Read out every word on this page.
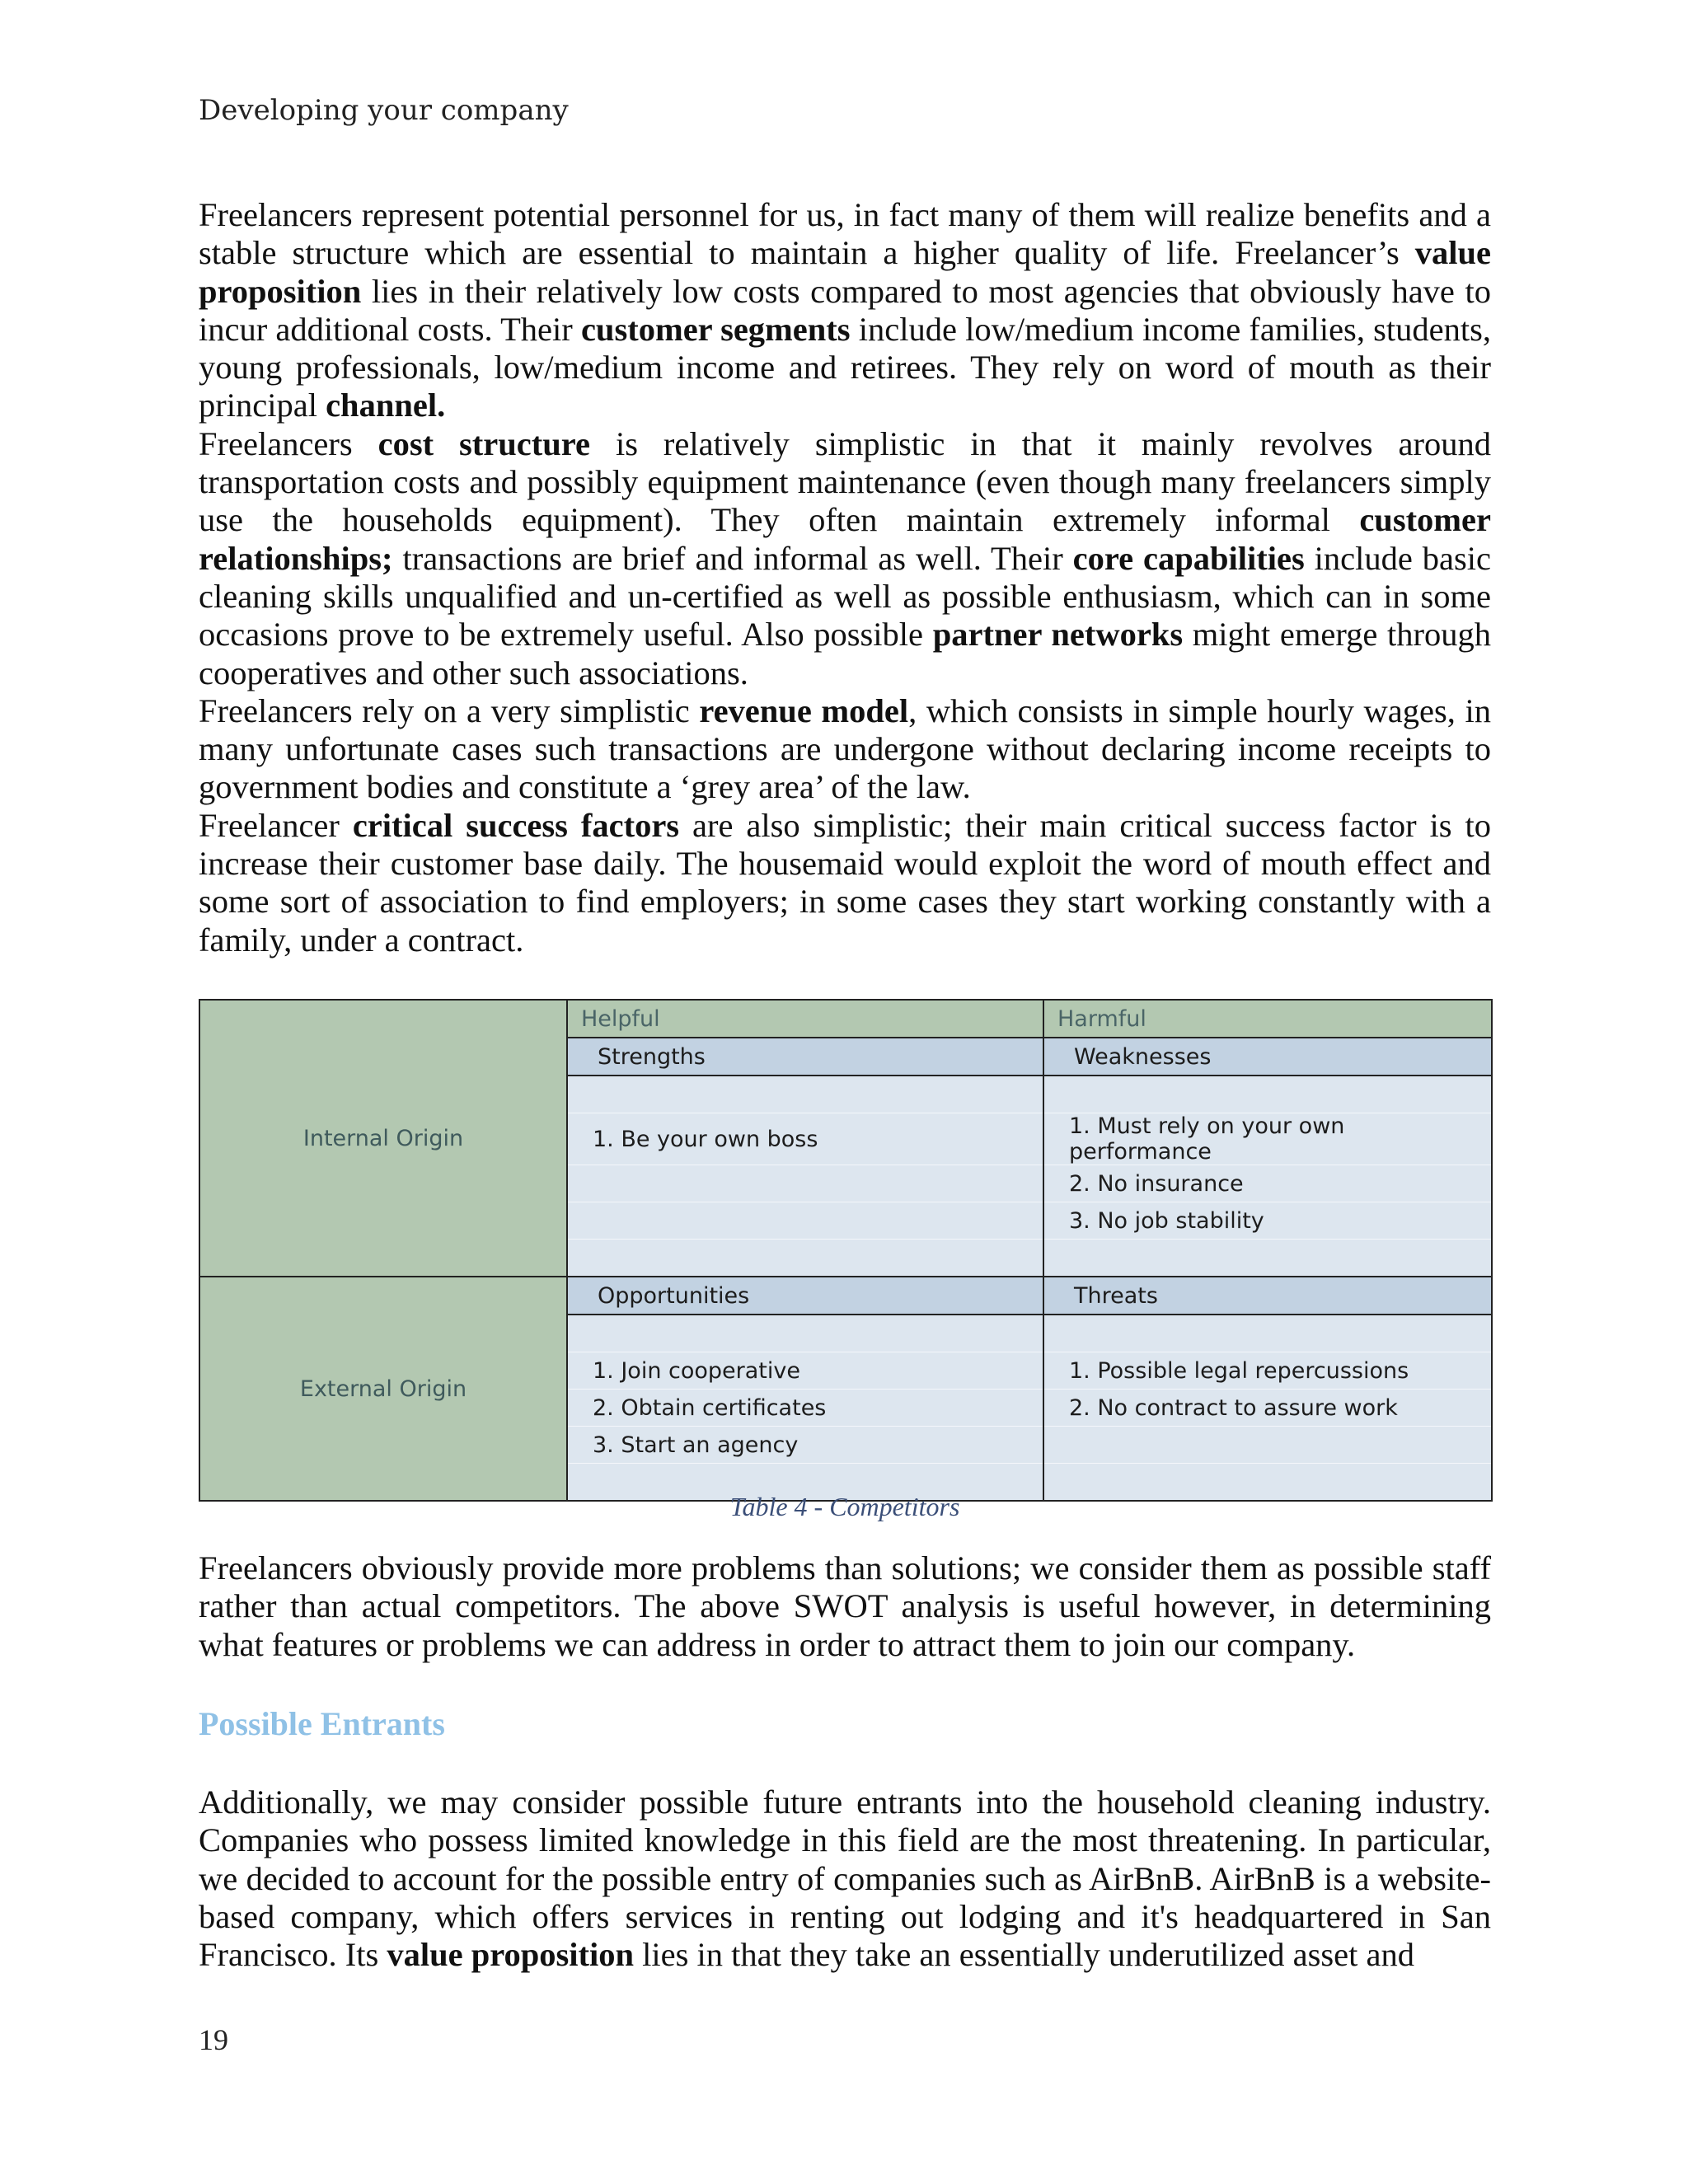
Developing your company

Freelancers represent potential personnel for us, in fact many of them will realize benefits and a stable structure which are essential to maintain a higher quality of life. Freelancer’s value proposition lies in their relatively low costs compared to most agencies that obviously have to incur additional costs. Their customer segments include low/medium income families, students, young professionals, low/medium income and retirees. They rely on word of mouth as their principal channel.

Freelancers cost structure is relatively simplistic in that it mainly revolves around transportation costs and possibly equipment maintenance (even though many freelancers simply use the households equipment). They often maintain extremely informal customer relationships; transactions are brief and informal as well. Their core capabilities include basic cleaning skills unqualified and un-certified as well as possible enthusiasm, which can in some occasions prove to be extremely useful. Also possible partner networks might emerge through cooperatives and other such associations.

Freelancers rely on a very simplistic revenue model, which consists in simple hourly wages, in many unfortunate cases such transactions are undergone without declaring income receipts to government bodies and constitute a ‘grey area’ of the law.

Freelancer critical success factors are also simplistic; their main critical success factor is to increase their customer base daily. The housemaid would exploit the word of mouth effect and some sort of association to find employers; in some cases they start working constantly with a family, under a contract.

Internal Origin	Helpful	Harmful
	Strengths	Weaknesses

	1. Be your own boss	1. Must rely on your own performance
		2. No insurance
		3. No job stability

External Origin	Opportunities	Threats

	1. Join cooperative	1. Possible legal repercussions
	2. Obtain certificates	2. No contract to assure work
	3. Start an agency	

Table 4 - Competitors

Freelancers obviously provide more problems than solutions; we consider them as possible staff rather than actual competitors. The above SWOT analysis is useful however, in determining what features or problems we can address in order to attract them to join our company.

Possible Entrants

Additionally, we may consider possible future entrants into the household cleaning industry. Companies who possess limited knowledge in this field are the most threatening. In particular, we decided to account for the possible entry of companies such as AirBnB. AirBnB is a website-based company, which offers services in renting out lodging and it's headquartered in San Francisco. Its value proposition lies in that they take an essentially underutilized asset and

19
